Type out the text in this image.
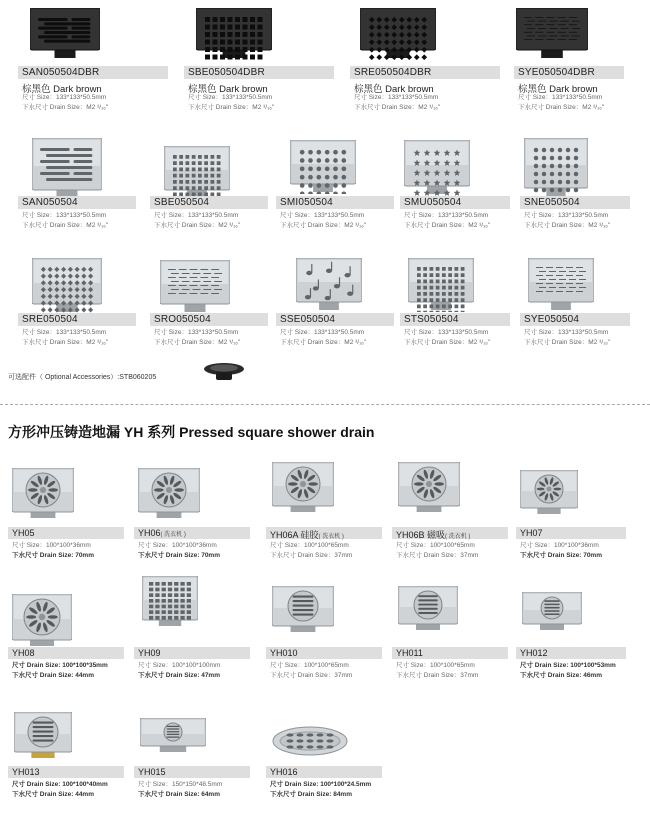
SAN050504DBR
棕黑色 Dark brown
尺寸 Size：133*133*50.5mm
下水尺寸 Drain Size：M2 ³/₁₆"
SBE050504DBR
棕黑色 Dark brown
尺寸 Size：133*133*50.5mm
下水尺寸 Drain Size：M2 ³/₁₆"
SRE050504DBR
棕黑色 Dark brown
尺寸 Size：133*133*50.5mm
下水尺寸 Drain Size：M2 ³/₁₆"
SYE050504DBR
棕黑色 Dark brown
尺寸 Size：133*133*50.5mm
下水尺寸 Drain Size：M2 ³/₁₆"
SAN050504
尺寸 Size：133*133*50.5mm
下水尺寸 Drain Size：M2 ³/₁₆"
SBE050504
尺寸 Size：133*133*50.5mm
下水尺寸 Drain Size：M2 ³/₁₆"
SMI050504
尺寸 Size：133*133*50.5mm
下水尺寸 Drain Size：M2 ³/₁₆"
SMU050504
尺寸 Size：133*133*50.5mm
下水尺寸 Drain Size：M2 ³/₁₆"
SNE050504
尺寸 Size：133*133*50.5mm
下水尺寸 Drain Size：M2 ³/₁₆"
SRE050504
尺寸 Size：133*133*50.5mm
下水尺寸 Drain Size：M2 ³/₁₆"
SRO050504
尺寸 Size：133*133*50.5mm
下水尺寸 Drain Size：M2 ³/₁₆"
SSE050504
尺寸 Size：133*133*50.5mm
下水尺寸 Drain Size：M2 ³/₁₆"
STS050504
尺寸 Size：133*133*50.5mm
下水尺寸 Drain Size：M2 ³/₁₆"
SYE050504
尺寸 Size：133*133*50.5mm
下水尺寸 Drain Size：M2 ³/₁₆"
可选配件（ Optional Accessories）:STB060205
方形冲压铸造地漏 YH 系列 Pressed square shower drain
YH05
尺寸 Size：100*100*36mm
下水尺寸 Drain Size: 70mm
YH06( 洗衣机 )
尺寸 Size：100*100*36mm
下水尺寸 Drain Size: 70mm
YH06A 硅胶( 洗衣机 )
尺寸 Size：100*100*65mm
下水尺寸 Drain Size：37mm
YH06B 磁吸( 洗衣机 )
尺寸 Size：100*100*65mm
下水尺寸 Drain Size：37mm
YH07
尺寸 Size：100*100*36mm
下水尺寸 Drain Size: 70mm
YH08
尺寸 Drain Size: 100*100*35mm
下水尺寸 Drain Size: 44mm
YH09
尺寸 Size：100*100*100mm
下水尺寸 Drain Size: 47mm
YH010
尺寸 Size：100*100*65mm
下水尺寸 Drain Size：37mm
YH011
尺寸 Size：100*100*65mm
下水尺寸 Drain Size：37mm
YH012
尺寸 Drain Size: 100*100*53mm
下水尺寸 Drain Size: 46mm
YH013
尺寸 Drain Size: 100*100*40mm
下水尺寸 Drain Size: 44mm
YH015
尺寸 Size：150*150*48.5mm
下水尺寸 Drain Size: 64mm
YH016
尺寸 Drain Size: 100*100*24.5mm
下水尺寸 Drain Size: 84mm
